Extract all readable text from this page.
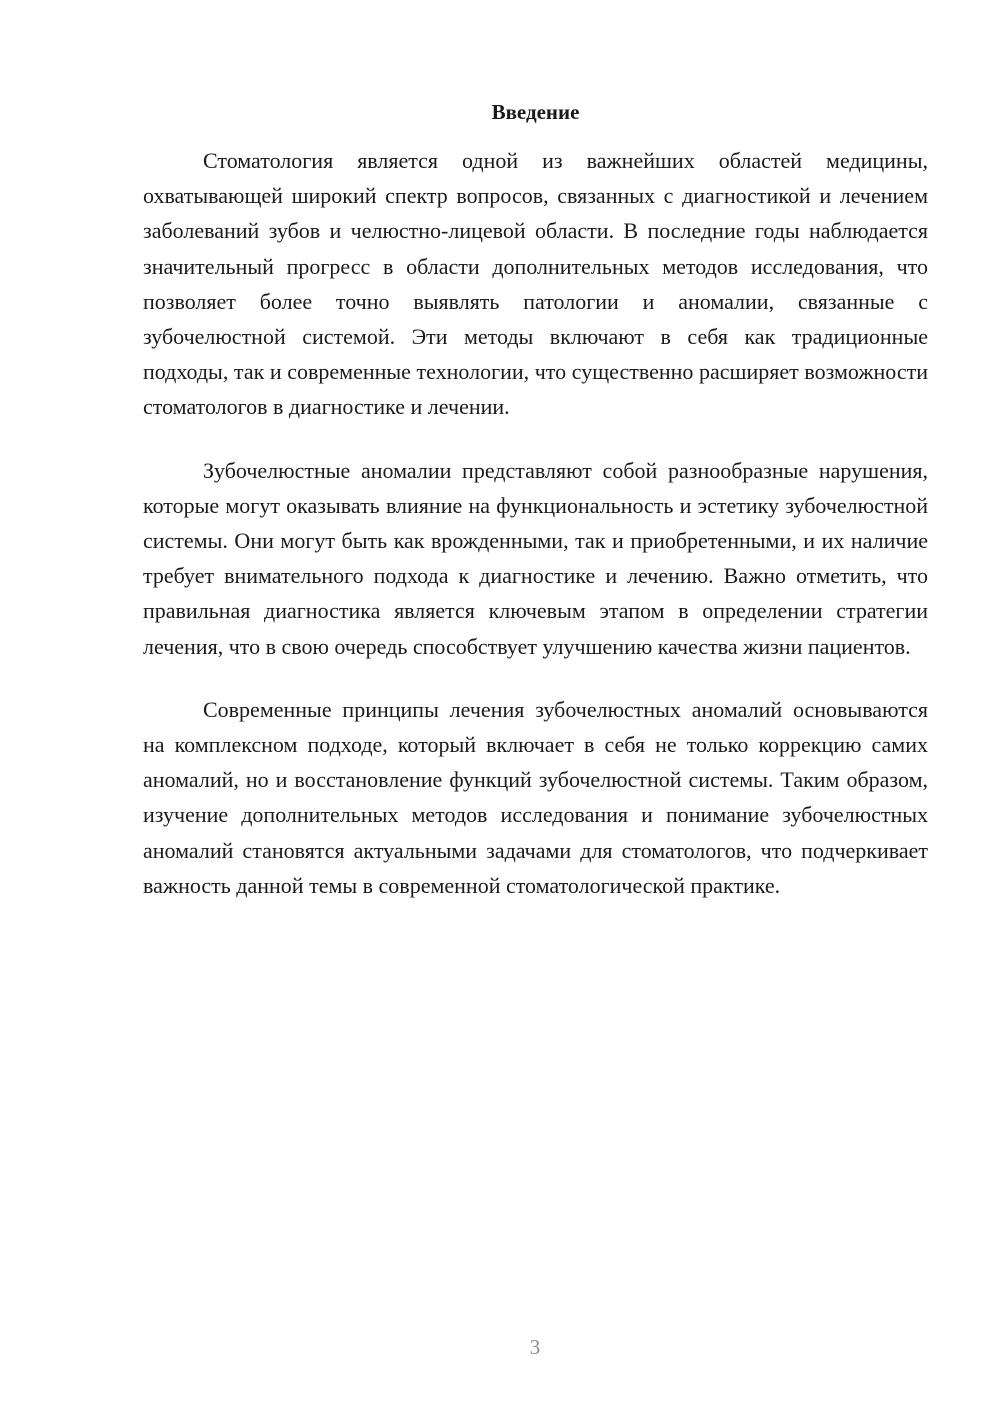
Введение

Стоматология является одной из важнейших областей медицины, охватывающей широкий спектр вопросов, связанных с диагностикой и лечением заболеваний зубов и челюстно-лицевой области. В последние годы наблюдается значительный прогресс в области дополнительных методов исследования, что позволяет более точно выявлять патологии и аномалии, связанные с зубочелюстной системой. Эти методы включают в себя как традиционные подходы, так и современные технологии, что существенно расширяет возможности стоматологов в диагностике и лечении.

Зубочелюстные аномалии представляют собой разнообразные нарушения, которые могут оказывать влияние на функциональность и эстетику зубочелюстной системы. Они могут быть как врожденными, так и приобретенными, и их наличие требует внимательного подхода к диагностике и лечению. Важно отметить, что правильная диагностика является ключевым этапом в определении стратегии лечения, что в свою очередь способствует улучшению качества жизни пациентов.

Современные принципы лечения зубочелюстных аномалий основываются на комплексном подходе, который включает в себя не только коррекцию самих аномалий, но и восстановление функций зубочелюстной системы. Таким образом, изучение дополнительных методов исследования и понимание зубочелюстных аномалий становятся актуальными задачами для стоматологов, что подчеркивает важность данной темы в современной стоматологической практике.

3
